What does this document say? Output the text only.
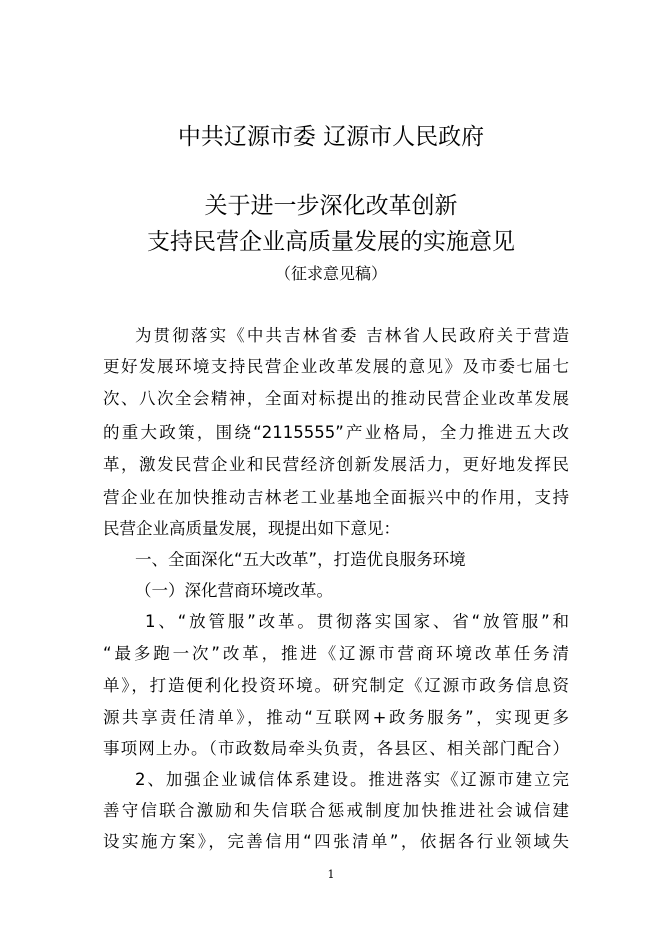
中共辽源市委 辽源市人民政府
关于进一步深化改革创新
支持民营企业高质量发展的实施意见
（征求意见稿）
为贯彻落实《中共吉林省委 吉林省人民政府关于营造
更好发展环境支持民营企业改革发展的意见》及市委七届七
次、八次全会精神，全面对标提出的推动民营企业改革发展
的重大政策，围绕“2115555”产业格局，全力推进五大改
革，激发民营企业和民营经济创新发展活力，更好地发挥民
营企业在加快推动吉林老工业基地全面振兴中的作用，支持
民营企业高质量发展，现提出如下意见：
一、全面深化“五大改革”，打造优良服务环境
（一）深化营商环境改革。
1、“放管服”改革。贯彻落实国家、省“放管服”和
“最多跑一次”改革，推进《辽源市营商环境改革任务清
单》，打造便利化投资环境。研究制定《辽源市政务信息资
源共享责任清单》，推动“互联网+政务服务”，实现更多
事项网上办。（市政数局牵头负责，各县区、相关部门配合）
2、加强企业诚信体系建设。推进落实《辽源市建立完
善守信联合激励和失信联合惩戒制度加快推进社会诚信建
设实施方案》，完善信用“四张清单”，依据各行业领域失
1
